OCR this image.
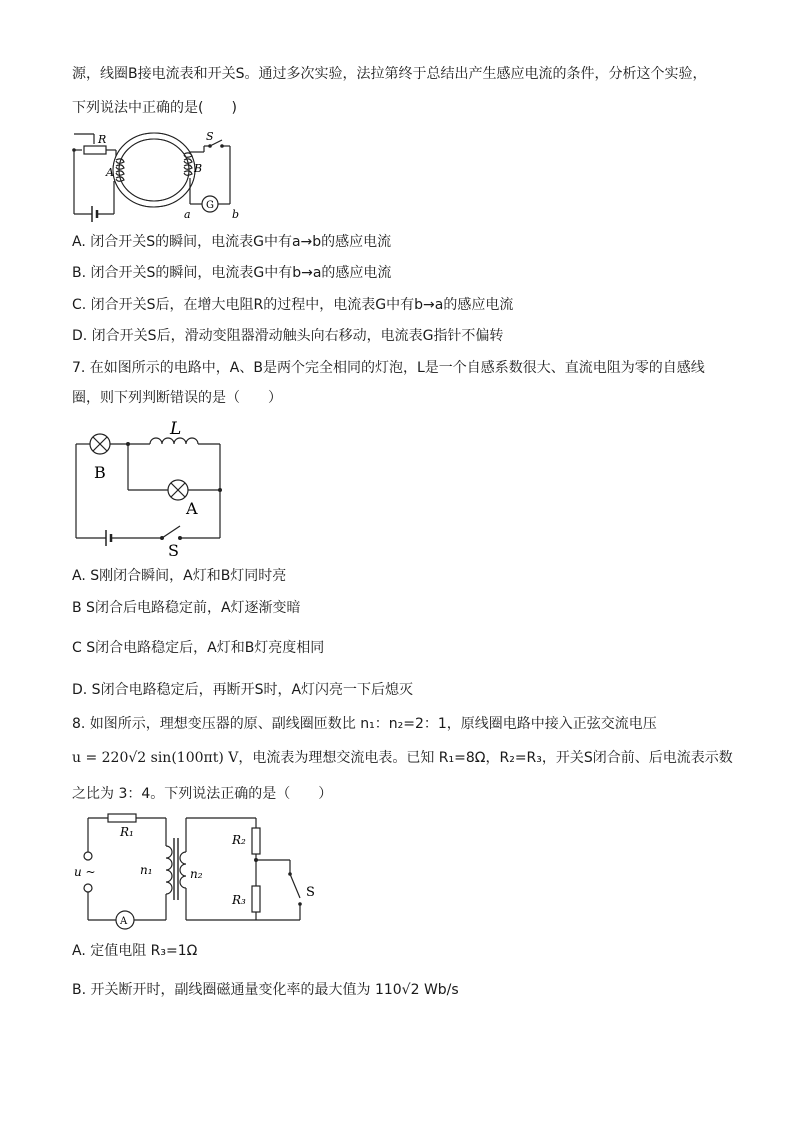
源，线圈B接电流表和开关S。通过多次实验，法拉第终于总结出产生感应电流的条件，分析这个实验，
下列说法中正确的是(　　)
R	S
A	B
G
a	b
A. 闭合开关S的瞬间，电流表G中有a→b的感应电流
B. 闭合开关S的瞬间，电流表G中有b→a的感应电流
C. 闭合开关S后，在增大电阻R的过程中，电流表G中有b→a的感应电流
D. 闭合开关S后，滑动变阻器滑动触头向右移动，电流表G指针不偏转
7. 在如图所示的电路中，A、B是两个完全相同的灯泡，L是一个自感系数很大、直流电阻为零的自感线
圈，则下列判断错误的是（　　）
L
B
A
S
A. S刚闭合瞬间，A灯和B灯同时亮
B S闭合后电路稳定前，A灯逐渐变暗
C S闭合电路稳定后，A灯和B灯亮度相同
D. S闭合电路稳定后，再断开S时，A灯闪亮一下后熄灭
8. 如图所示，理想变压器的原、副线圈匝数比 n₁：n₂=2：1，原线圈电路中接入正弦交流电压
u = 220√2 sin(100πt) V，电流表为理想交流电表。已知 R₁=8Ω，R₂=R₃，开关S闭合前、后电流表示数
之比为 3：4。下列说法正确的是（　　）
R₁
R₂
R₃
n₁	n₂
u ~
S
A
A. 定值电阻 R₃=1Ω
B. 开关断开时，副线圈磁通量变化率的最大值为 110√2 Wb/s
